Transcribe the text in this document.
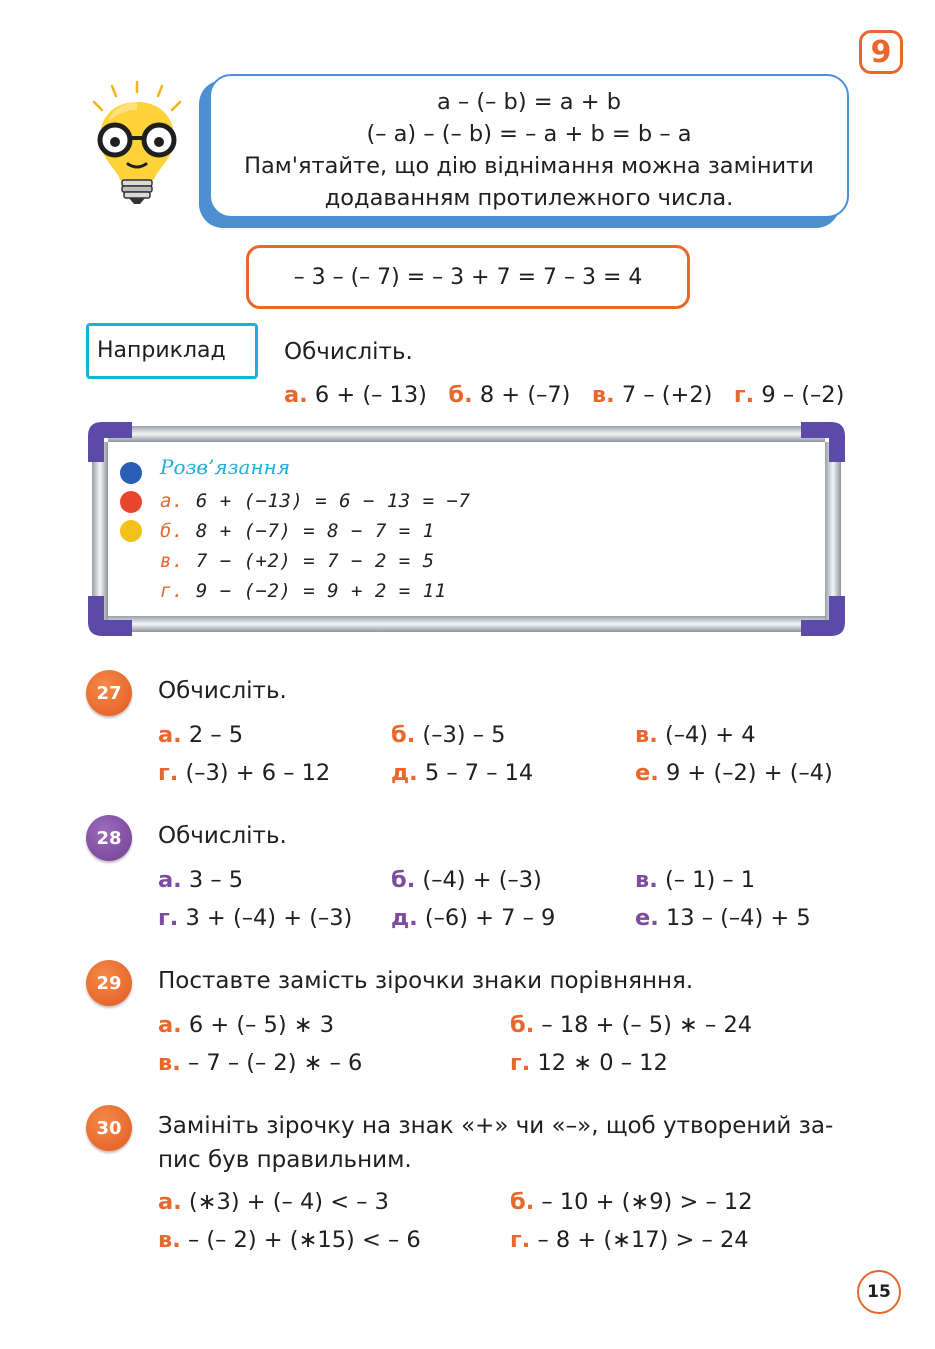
9
a – (– b) = a + b
(– a) – (– b) = – a + b = b – a
Пам'ятайте, що дію віднімання можна замінити
додаванням протилежного числа.
– 3 – (– 7) = – 3 + 7 = 7 – 3 = 4
Наприклад	Обчисліть.
а. 6 + (– 13) б. 8 + (–7) в. 7 – (+2) г. 9 – (–2)
Розв’язання
а. 6 + (−13) = 6 − 13 = −7
б. 8 + (−7) = 8 − 7 = 1
в. 7 − (+2) = 7 − 2 = 5
г. 9 − (−2) = 9 + 2 = 11
27	Обчисліть.
а. 2 – 5	б. (–3) – 5	в. (–4) + 4
г. (–3) + 6 – 12	д. 5 – 7 – 14	е. 9 + (–2) + (–4)
28	Обчисліть.
а. 3 – 5	б. (–4) + (–3)	в. (– 1) – 1
г. 3 + (–4) + (–3) д. (–6) + 7 – 9	е. 13 – (–4) + 5
29	Поставте замість зірочки знаки порівняння.
а. 6 + (– 5) ∗ 3	б. – 18 + (– 5) ∗ – 24
в. – 7 – (– 2) ∗ – 6	г. 12 ∗ 0 – 12
30	Замініть зірочку на знак «+» чи «–», щоб утворений за-
пис був правильним.
а. (∗3) + (– 4) < – 3	б. – 10 + (∗9) > – 12
в. – (– 2) + (∗15) < – 6	г. – 8 + (∗17) > – 24
15
